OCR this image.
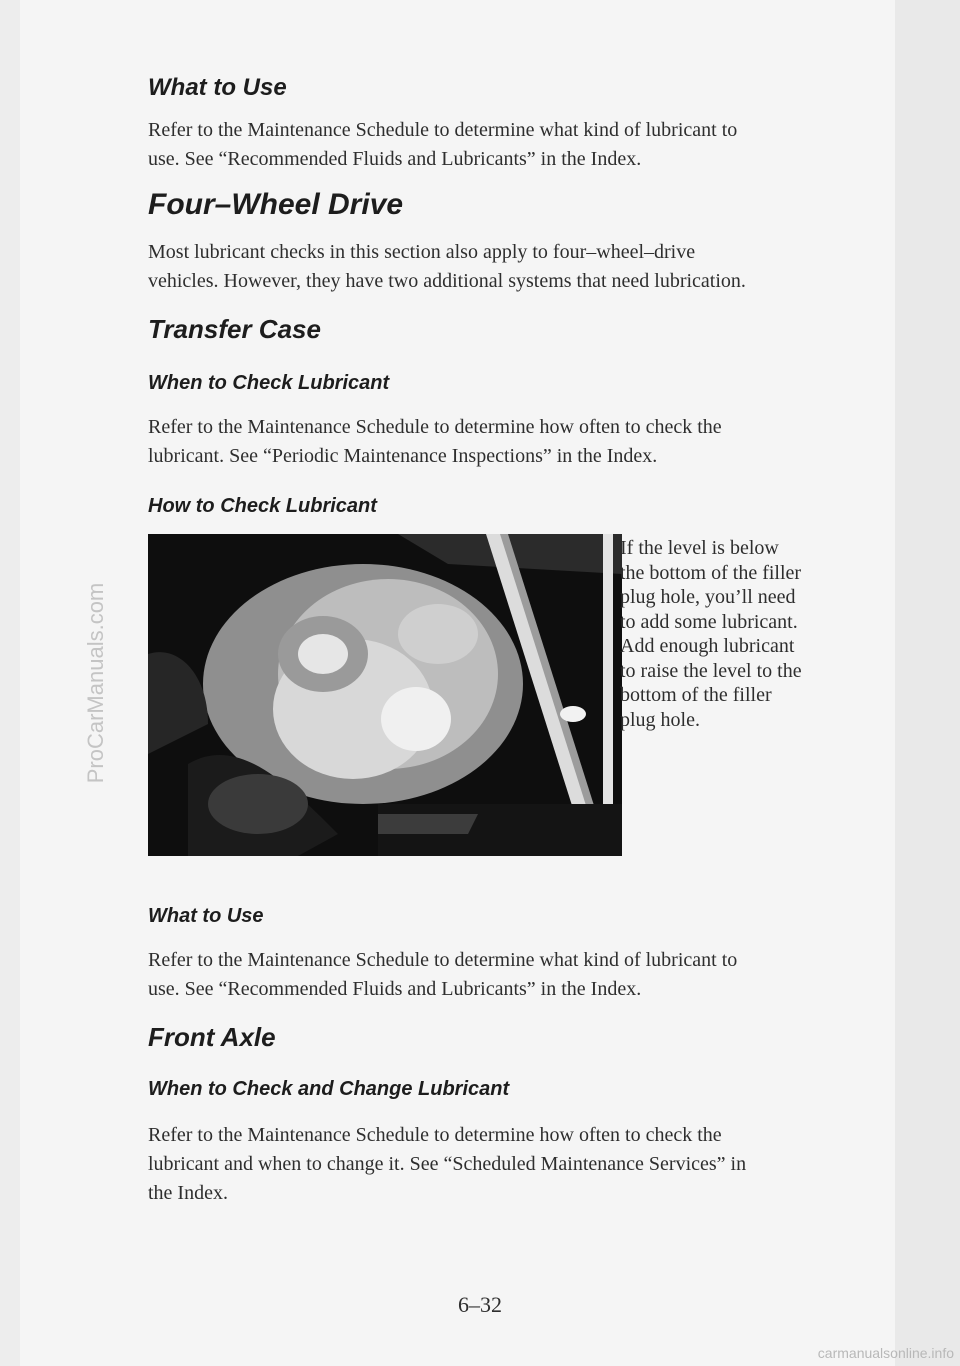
What to Use

Refer to the Maintenance Schedule to determine what kind of lubricant to
use. See “Recommended Fluids and Lubricants” in the Index.

Four–Wheel Drive

Most lubricant checks in this section also apply to four–wheel–drive
vehicles. However, they have two additional systems that need lubrication.

Transfer Case
When to Check Lubricant

Refer to the Maintenance Schedule to determine how often to check the
lubricant. See “Periodic Maintenance Inspections” in the Index.

How to Check Lubricant

If the level is below
the bottom of the filler
plug hole, you’ll need
to add some lubricant.
Add enough lubricant
to raise the level to the
bottom of the filler
plug hole.

What to Use

Refer to the Maintenance Schedule to determine what kind of lubricant to
use. See “Recommended Fluids and Lubricants” in the Index.

Front Axle
When to Check and Change Lubricant

Refer to the Maintenance Schedule to determine how often to check the
lubricant and when to change it. See “Scheduled Maintenance Services” in
the Index.

6–32
ProCarManuals.com
carmanualsonline.info
